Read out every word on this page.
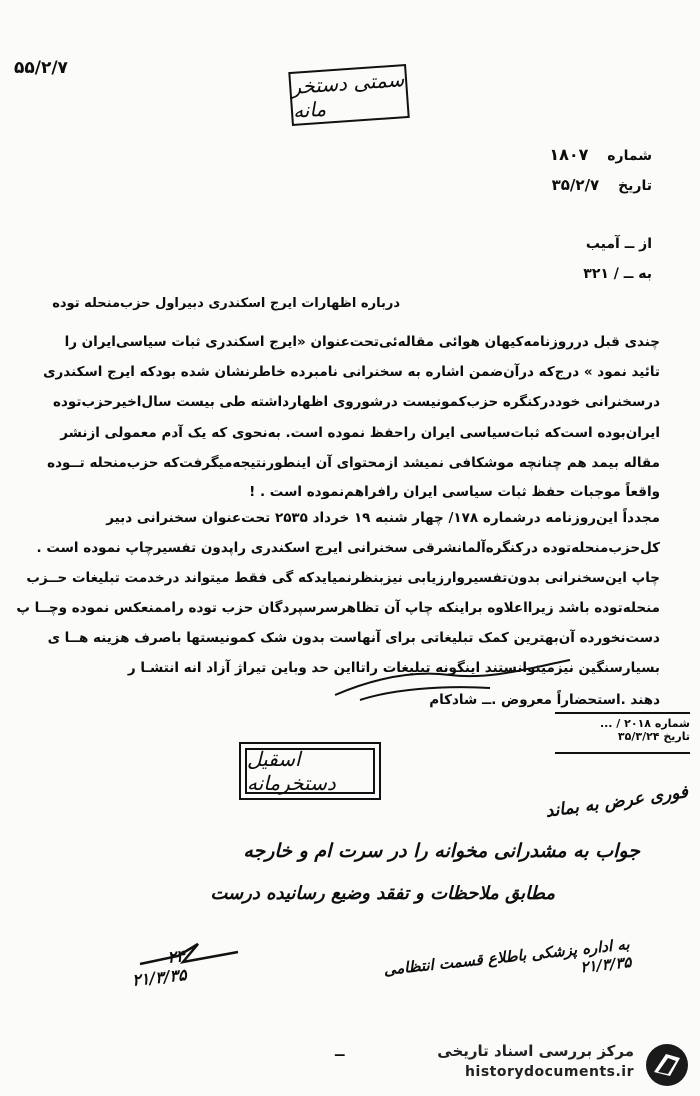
۵۵/۲/۷	سمتی دستخر مانه
شماره ۱۸۰۷
تاریخ ۳۵/۲/۷
از ــ آمیب
به ــ / ۳۲۱
درباره اظهارات ایرج اسکندری دبیراول حزب‌منحله توده
چندی قبل درروزنامه‌کیهان هوائی مقاله‌ئی‌تحت‌عنوان «ایرج اسکندری ثبات سیاسی‌ایران را
تائید نمود » درج‌که درآن‌ضمن اشاره به سخنرانی نامبرده خاطرنشان شده بودکه ایرج اسکندری
درسخنرانی خوددرکنگره حزب‌کمونیست درشوروی اظهارداشته طی بیست سال‌اخیرحزب‌توده
ایران‌بوده است‌که ثبات‌سیاسی ایران راحفظ نموده است. به‌نحوی که یک آدم معمولی ازنشر
مقاله بیمد هم چنانچه موشکافی نمیشد ازمحتوای آن اینطورنتیجه‌میگرفت‌که حزب‌منحله تــوده
واقعاً موجبات حفظ ثبات سیاسی ایران رافراهم‌نموده است . !
مجدداً این‌روزنامه درشماره ۱۷۸/ چهار شنبه ۱۹ خرداد ۲۵۳۵ تحت‌عنوان سخنرانی دبیر
کل‌حزب‌منحله‌توده درکنگره‌آلمانشرقی سخنرانی ایرج اسکندری راپدون تفسیرچاپ نموده است .
چاپ این‌سخنرانی بدون‌تفسیروارزیابی نیزبنظرنمیاید‌که گی فقط میتواند درخدمت تبلیغات حــزب
منحله‌توده باشد زیرااعلاوه براینکه چاپ آن تظاهرسرسپردگان حزب توده راممنعکس نموده وچــا پ
دست‌نخورده آن‌بهترین کمک تبلیغاتی برای آنهاست بدون شک کمونیستها باصرف هزینه هــا ی
بسیارسنگین نیزمیتوانستند اینگونه تبلیغات راتااین حد وباین تیراژ آزاد انه انتشـا ر
دهند .استحضاراً معروض .ــ شادکام
شماره ۲۰۱۸ / ...
تاریخ ۳۵/۳/۲۴
اسقیل دستخرمانه	فوری عرض به بماند
جواب به مشدرانی مخوانه را در سرت ام و خارجه
مطابق ملاحظات و تفقد وضیع رسانیده درست

۲۴
۲۱/۳/۳۵	به اداره پزشکی باطلاع قسمت انتظامی
۲۱/۳/۳۵

ــ	مرکز بررسی اسناد تاریخی
historydocuments.ir
